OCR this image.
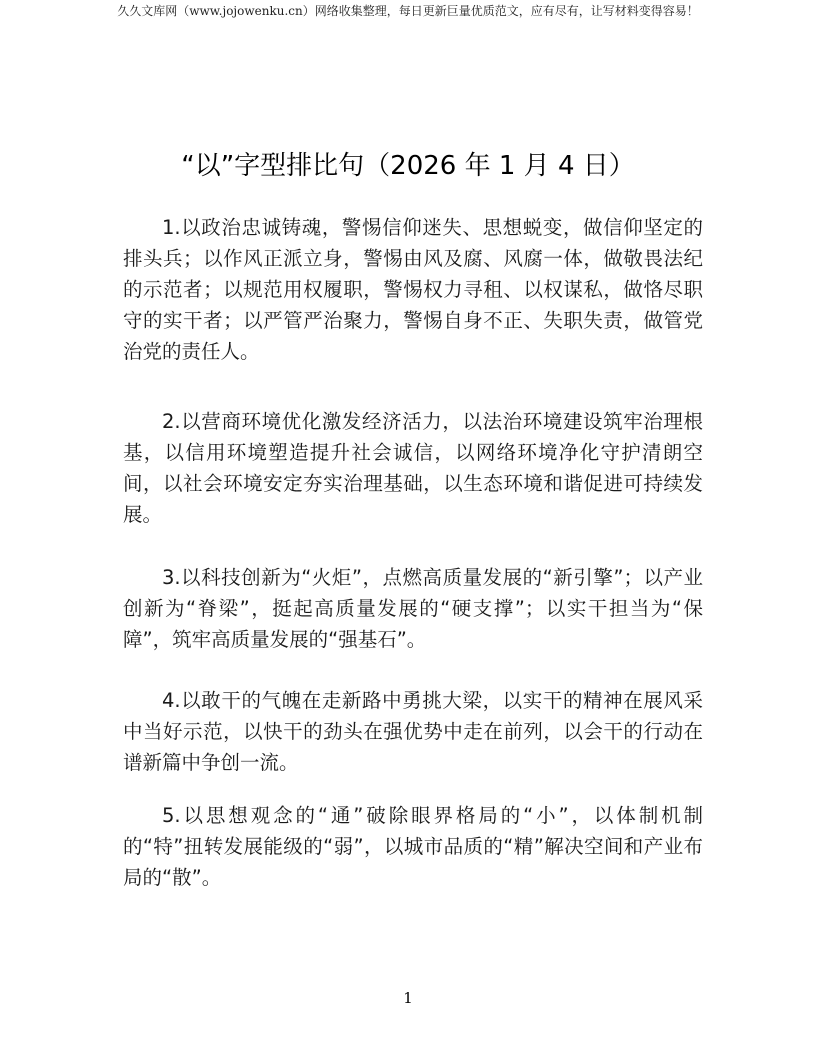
久久文库网（www.jojowenku.cn）网络收集整理，每日更新巨量优质范文，应有尽有，让写材料变得容易！
“以”字型排比句（2026 年 1 月 4 日）

1.以政治忠诚铸魂，警惕信仰迷失、思想蜕变，做信仰坚定的排头兵；以作风正派立身，警惕由风及腐、风腐一体，做敬畏法纪的示范者；以规范用权履职，警惕权力寻租、以权谋私，做恪尽职守的实干者；以严管严治聚力，警惕自身不正、失职失责，做管党治党的责任人。

2.以营商环境优化激发经济活力，以法治环境建设筑牢治理根基，以信用环境塑造提升社会诚信，以网络环境净化守护清朗空间，以社会环境安定夯实治理基础，以生态环境和谐促进可持续发展。

3.以科技创新为“火炬”，点燃高质量发展的“新引擎”；以产业创新为“脊梁”，挺起高质量发展的“硬支撑”；以实干担当为“保障”，筑牢高质量发展的“强基石”。

4.以敢干的气魄在走新路中勇挑大梁，以实干的精神在展风采中当好示范，以快干的劲头在强优势中走在前列，以会干的行动在谱新篇中争创一流。

5.以思想观念的“通”破除眼界格局的“小”，以体制机制的“特”扭转发展能级的“弱”，以城市品质的“精”解决空间和产业布局的“散”。

1
